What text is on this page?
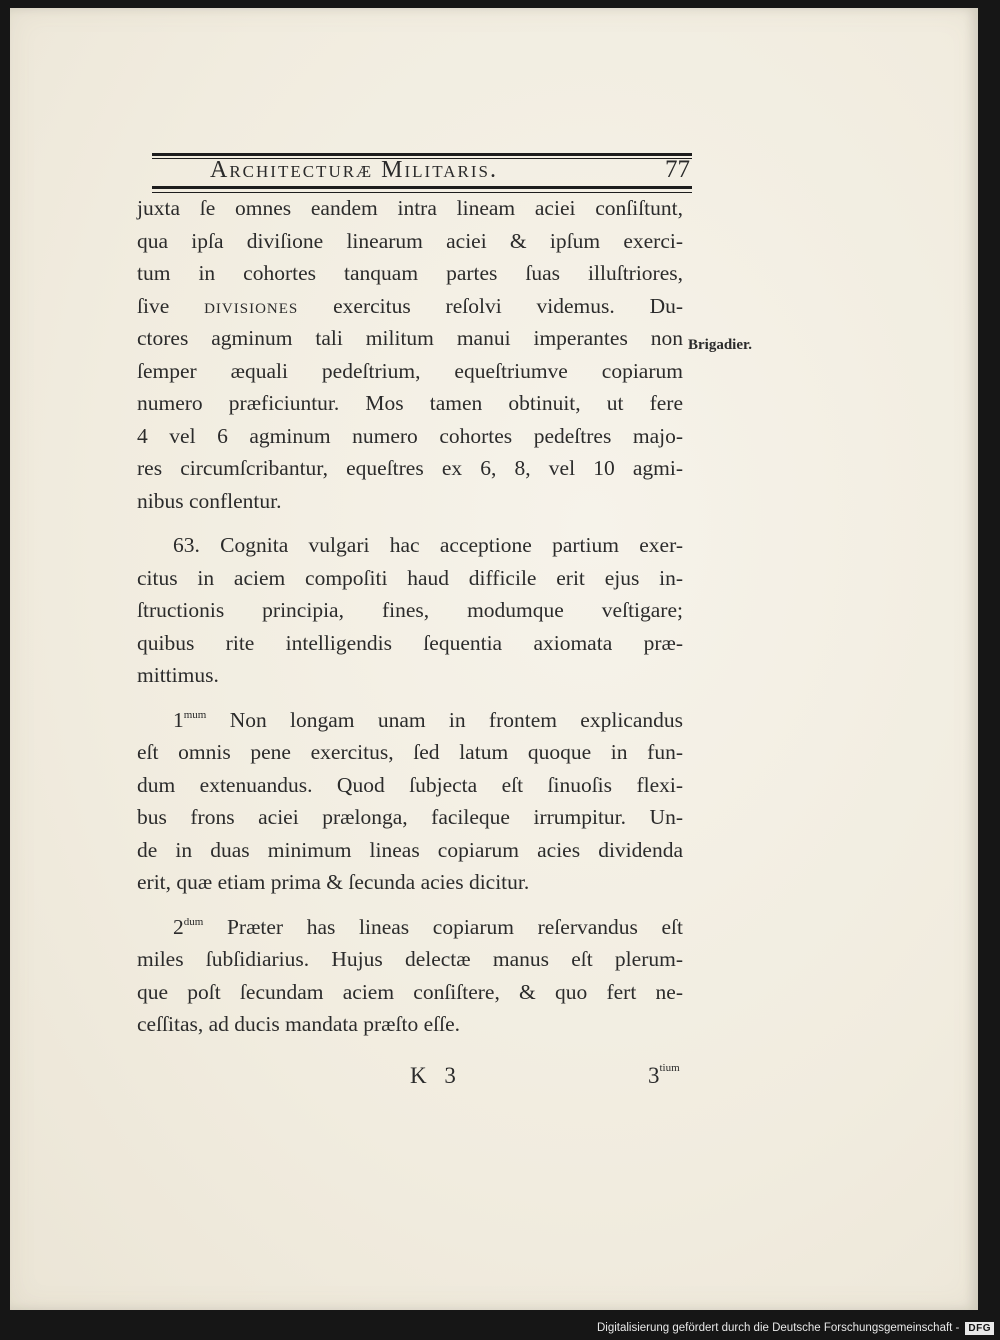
Architecturæ Militaris.	77
juxta ſe omnes eandem intra lineam aciei conſiſtunt,
qua ipſa diviſione linearum aciei & ipſum exerci-
tum in cohortes tanquam partes ſuas illuſtriores,
ſive divisiones exercitus reſolvi videmus. Du-
ctores agminum tali militum manui imperantes non
ſemper æquali pedeſtrium, equeſtriumve copiarum
numero præficiuntur. Mos tamen obtinuit, ut fere
4 vel 6 agminum numero cohortes pedeſtres majo-
res circumſcribantur, equeſtres ex 6, 8, vel 10 agmi-
nibus conflentur.
63. Cognita vulgari hac acceptione partium exer-
citus in aciem compoſiti haud difficile erit ejus in-
ſtructionis principia, fines, modumque veſtigare;
quibus rite intelligendis ſequentia axiomata præ-
mittimus.
$1^{mum}$ Non longam unam in frontem explicandus
eſt omnis pene exercitus, ſed latum quoque in fun-
dum extenuandus. Quod ſubjecta eſt ſinuoſis flexi-
bus frons aciei prælonga, facileque irrumpitur. Un-
de in duas minimum lineas copiarum acies dividenda
erit, quæ etiam prima & ſecunda acies dicitur.
$2^{dum}$ Præter has lineas copiarum reſervandus eſt
miles ſubſidiarius. Hujus delectæ manus eſt plerum-
que poſt ſecundam aciem conſiſtere, & quo fert ne-
ceſſitas, ad ducis mandata præſto eſſe.
Brigadier.
K 3	$3^{tium}$
Digitalisierung gefördert durch die Deutsche Forschungsgemeinschaft - DFG
